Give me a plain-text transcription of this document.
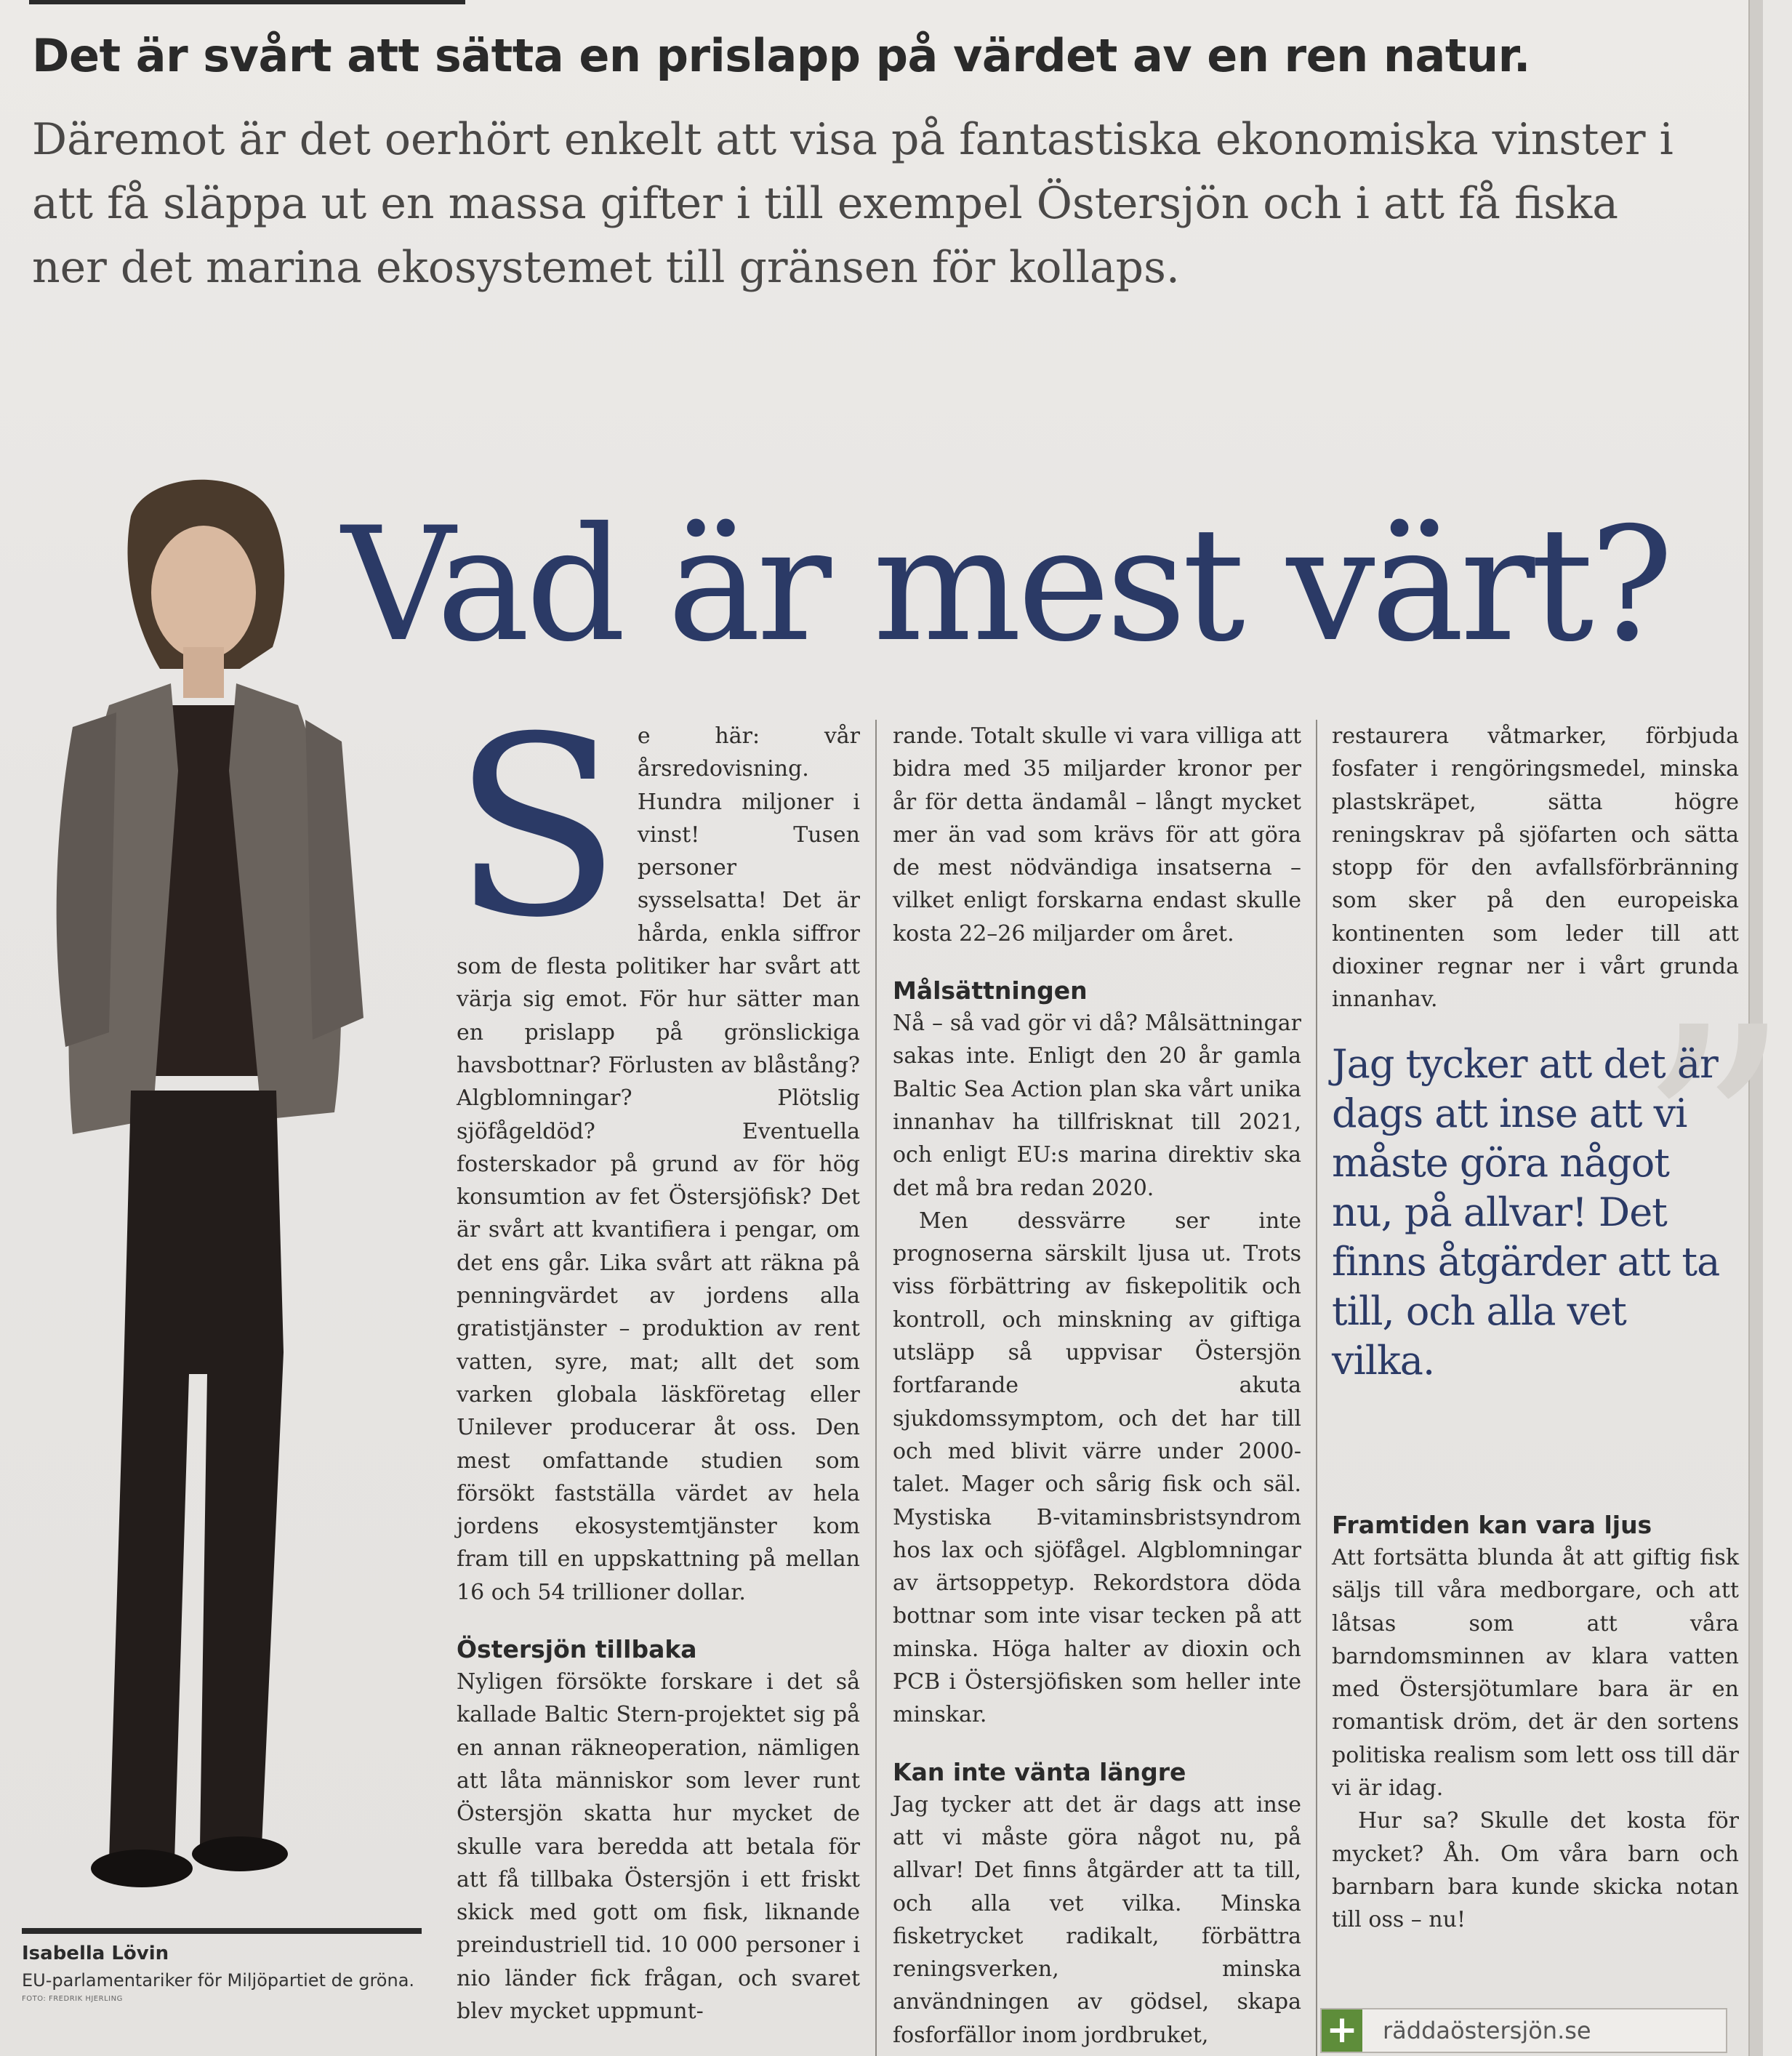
Det är svårt att sätta en prislapp på värdet av en ren natur.
Däremot är det oerhört enkelt att visa på fantastiska ekonomiska vinster i att få släppa ut en massa gifter i till exempel Östersjön och i att få fiska ner det marina ekosystemet till gränsen för kollaps.
Isabella Lövin
EU-parlamentariker för Miljöpartiet de gröna.
FOTO: FREDRIK HJERLING
Vad är mest värt?

Se här: vår årsredovisning. Hundra miljoner i vinst! Tusen personer sysselsatta! Det är hårda, enkla siffror som de flesta politiker har svårt att värja sig emot. För hur sätter man en prislapp på grönslickiga havsbottnar? Förlusten av blåstång? Algblomningar? Plötslig sjöfågeldöd? Eventuella fosterskador på grund av för hög konsumtion av fet Östersjöfisk? Det är svårt att kvantifiera i pengar, om det ens går. Lika svårt att räkna på penningvärdet av jordens alla gratistjänster – produktion av rent vatten, syre, mat; allt det som varken globala läskföretag eller Unilever producerar åt oss. Den mest omfattande studien som försökt fastställa värdet av hela jordens ekosystemtjänster kom fram till en uppskattning på mellan 16 och 54 trillioner dollar.

Östersjön tillbaka

Nyligen försökte forskare i det så kallade Baltic Stern-projektet sig på en annan räkneoperation, nämligen att låta människor som lever runt Östersjön skatta hur mycket de skulle vara beredda att betala för att få tillbaka Östersjön i ett friskt skick med gott om fisk, liknande preindustriell tid. 10 000 personer i nio länder fick frågan, och svaret blev mycket uppmunt-

rande. Totalt skulle vi vara villiga att bidra med 35 miljarder kronor per år för detta ändamål – långt mycket mer än vad som krävs för att göra de mest nödvändiga insatserna – vilket enligt forskarna endast skulle kosta 22–26 miljarder om året.

Målsättningen

Nå – så vad gör vi då? Målsättningar sakas inte. Enligt den 20 år gamla Baltic Sea Action plan ska vårt unika innanhav ha tillfrisknat till 2021, och enligt EU:s marina direktiv ska det må bra redan 2020.

Men dessvärre ser inte prognoserna särskilt ljusa ut. Trots viss förbättring av fiskepolitik och kontroll, och minskning av giftiga utsläpp så uppvisar Östersjön fortfarande akuta sjukdomssymptom, och det har till och med blivit värre under 2000-talet. Mager och sårig fisk och säl. Mystiska B-vitaminsbristsyndrom hos lax och sjöfågel. Algblomningar av ärtsoppetyp. Rekordstora döda bottnar som inte visar tecken på att minska. Höga halter av dioxin och PCB i Östersjöfisken som heller inte minskar.

Kan inte vänta längre

Jag tycker att det är dags att inse att vi måste göra något nu, på allvar! Det finns åtgärder att ta till, och alla vet vilka. Minska fisketrycket radikalt, förbättra reningsverken, minska användningen av gödsel, skapa fosforfällor inom jordbruket,

restaurera våtmarker, förbjuda fosfater i rengöringsmedel, minska plastskräpet, sätta högre reningskrav på sjöfarten och sätta stopp för den avfallsförbränning som sker på den europeiska kontinenten som leder till att dioxiner regnar ner i vårt grunda innanhav. ”
Jag tycker att det är dags att inse att vi måste göra något nu, på allvar! Det finns åtgärder att ta till, och alla vet vilka.
Framtiden kan vara ljus

Att fortsätta blunda åt att giftig fisk säljs till våra medborgare, och att låtsas som att våra barndomsminnen av klara vatten med Östersjötumlare bara är en romantisk dröm, det är den sortens politiska realism som lett oss till där vi är idag.

Hur sa? Skulle det kosta för mycket? Åh. Om våra barn och barnbarn bara kunde skicka notan till oss – nu!

+ räddaöstersjön.se
